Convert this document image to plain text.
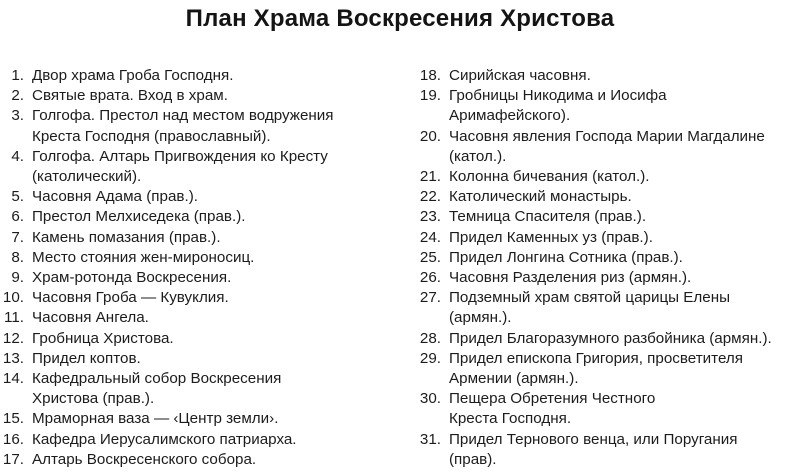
План Храма Воскресения Христова
1. Двор храма Гроба Господня.
2. Святые врата. Вход в храм.
3. Голгофа. Престол над местом водружения
Креста Господня (православный).
4. Голгофа. Алтарь Пригвождения ко Кресту
(католический).
5. Часовня Адама (прав.).
6. Престол Мелхиседека (прав.).
7. Камень помазания (прав.).
8. Место стояния жен-мироносиц.
9. Храм-ротонда Воскресения.
10. Часовня Гроба — Кувуклия.
11. Часовня Ангела.
12. Гробница Христова.
13. Придел коптов.
14. Кафедральный собор Воскресения
Христова (прав.).
15. Мраморная ваза — ‹Центр земли›.
16. Кафедра Иерусалимского патриарха.
17. Алтарь Воскресенского собора.
18. Сирийская часовня.
19. Гробницы Никодима и Иосифа
Аримафейского).
20. Часовня явления Господа Марии Магдалине
(катол.).
21. Колонна бичевания (катол.).
22. Католический монастырь.
23. Темница Спасителя (прав.).
24. Придел Каменных уз (прав.).
25. Придел Лонгина Сотника (прав.).
26. Часовня Разделения риз (армян.).
27. Подземный храм святой царицы Елены
(армян.).
28. Придел Благоразумного разбойника (армян.).
29. Придел епископа Григория, просветителя
Армении (армян.).
30. Пещера Обретения Честного
Креста Господня.
31. Придел Тернового венца, или Поругания
(прав).
